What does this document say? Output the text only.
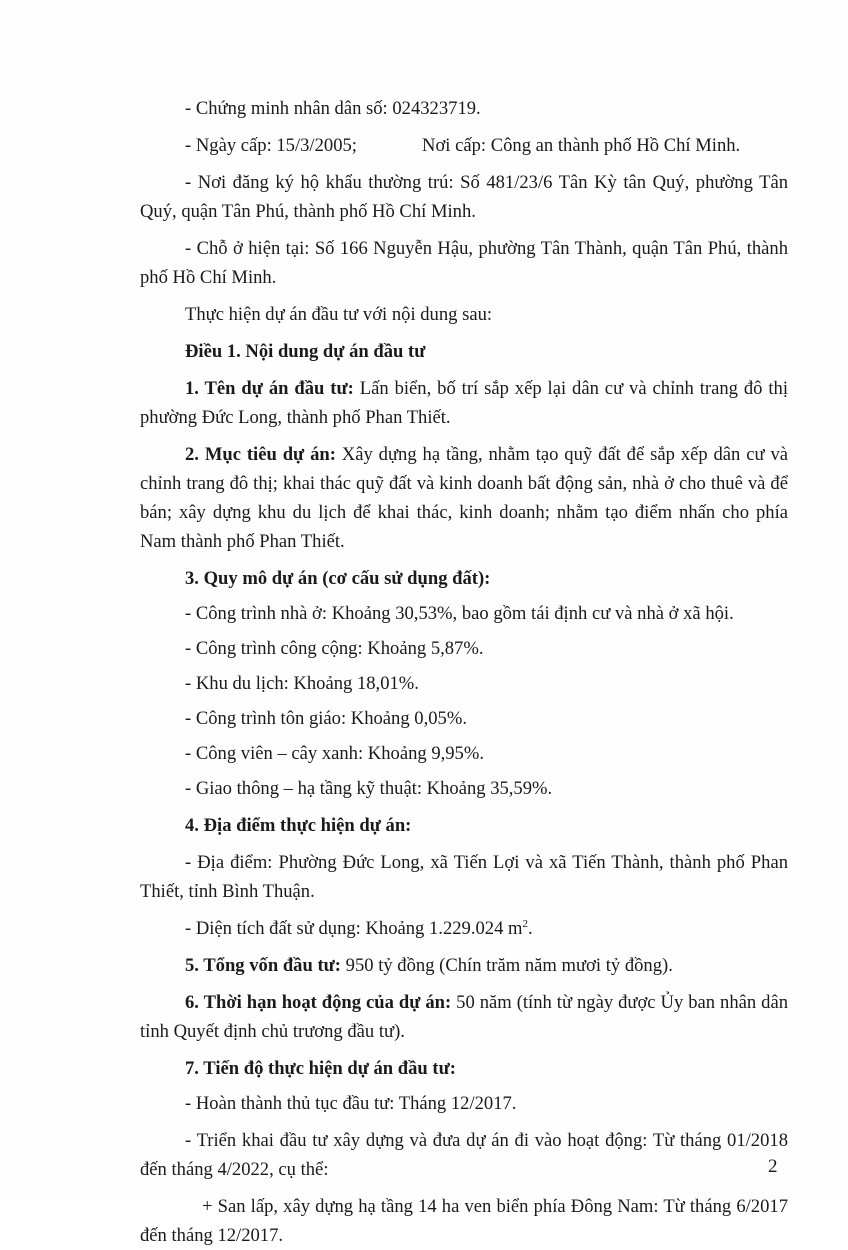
- Chứng minh nhân dân số: 024323719.

- Ngày cấp: 15/3/2005;              Nơi cấp: Công an thành phố Hồ Chí Minh.

- Nơi đăng ký hộ khẩu thường trú: Số 481/23/6 Tân Kỳ tân Quý, phường Tân Quý, quận Tân Phú, thành phố Hồ Chí Minh.

- Chỗ ở hiện tại: Số 166 Nguyễn Hậu, phường Tân Thành, quận Tân Phú, thành phố Hồ Chí Minh.

Thực hiện dự án đầu tư với nội dung sau:

Điều 1. Nội dung dự án đầu tư

1. Tên dự án đầu tư: Lấn biển, bố trí sắp xếp lại dân cư và chỉnh trang đô thị phường Đức Long, thành phố Phan Thiết.

2. Mục tiêu dự án: Xây dựng hạ tầng, nhằm tạo quỹ đất để sắp xếp dân cư và chỉnh trang đô thị; khai thác quỹ đất và kinh doanh bất động sản, nhà ở cho thuê và để bán; xây dựng khu du lịch để khai thác, kinh doanh; nhằm tạo điểm nhấn cho phía Nam thành phố Phan Thiết.

3. Quy mô dự án (cơ cấu sử dụng đất):

- Công trình nhà ở: Khoảng 30,53%, bao gồm tái định cư và nhà ở xã hội.

- Công trình công cộng: Khoảng 5,87%.

- Khu du lịch: Khoảng 18,01%.

- Công trình tôn giáo: Khoảng 0,05%.

- Công viên – cây xanh: Khoảng 9,95%.

- Giao thông – hạ tầng kỹ thuật: Khoảng 35,59%.

4. Địa điểm thực hiện dự án:

- Địa điểm: Phường Đức Long, xã Tiến Lợi và xã Tiến Thành, thành phố Phan Thiết, tỉnh Bình Thuận.

- Diện tích đất sử dụng: Khoảng 1.229.024 $m^2$.

5. Tổng vốn đầu tư: 950 tỷ đồng (Chín trăm năm mươi tỷ đồng).

6. Thời hạn hoạt động của dự án: 50 năm (tính từ ngày được Ủy ban nhân dân tỉnh Quyết định chủ trương đầu tư).

7. Tiến độ thực hiện dự án đầu tư:

- Hoàn thành thủ tục đầu tư: Tháng 12/2017.

- Triển khai đầu tư xây dựng và đưa dự án đi vào hoạt động: Từ tháng 01/2018 đến tháng 4/2022, cụ thể:

+ San lấp, xây dựng hạ tầng 14 ha ven biển phía Đông Nam: Từ tháng 6/2017 đến tháng 12/2017.

2
